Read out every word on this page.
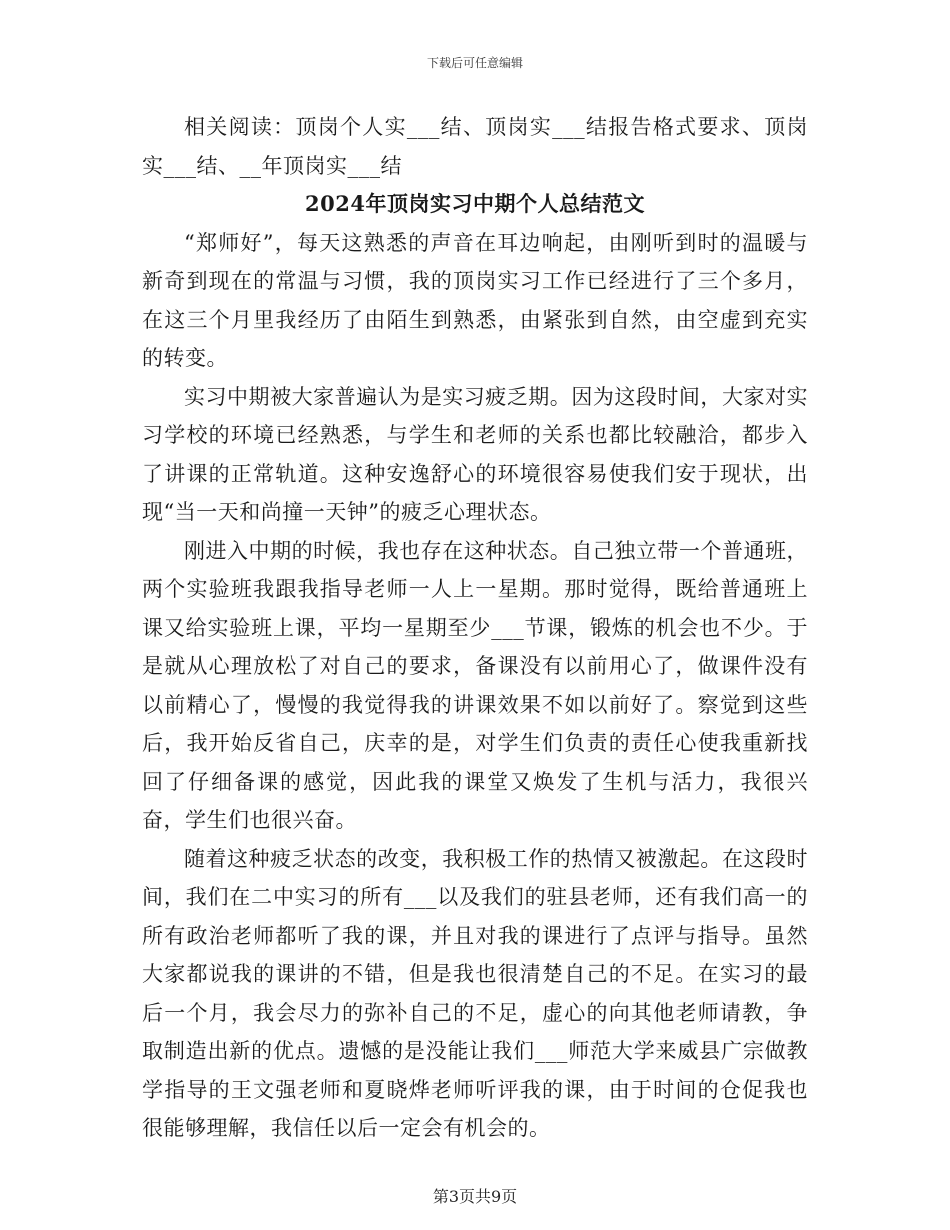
下载后可任意编辑

相关阅读：顶岗个人实___结、顶岗实___结报告格式要求、顶岗实___结、__年顶岗实___结

2024年顶岗实习中期个人总结范文

“郑师好”，每天这熟悉的声音在耳边响起，由刚听到时的温暖与新奇到现在的常温与习惯，我的顶岗实习工作已经进行了三个多月，在这三个月里我经历了由陌生到熟悉，由紧张到自然，由空虚到充实的转变。

实习中期被大家普遍认为是实习疲乏期。因为这段时间，大家对实习学校的环境已经熟悉，与学生和老师的关系也都比较融洽，都步入了讲课的正常轨道。这种安逸舒心的环境很容易使我们安于现状，出现“当一天和尚撞一天钟”的疲乏心理状态。

刚进入中期的时候，我也存在这种状态。自己独立带一个普通班，两个实验班我跟我指导老师一人上一星期。那时觉得，既给普通班上课又给实验班上课，平均一星期至少___节课，锻炼的机会也不少。于是就从心理放松了对自己的要求，备课没有以前用心了，做课件没有以前精心了，慢慢的我觉得我的讲课效果不如以前好了。察觉到这些后，我开始反省自己，庆幸的是，对学生们负责的责任心使我重新找回了仔细备课的感觉，因此我的课堂又焕发了生机与活力，我很兴奋，学生们也很兴奋。

随着这种疲乏状态的改变，我积极工作的热情又被激起。在这段时间，我们在二中实习的所有___以及我们的驻县老师，还有我们高一的所有政治老师都听了我的课，并且对我的课进行了点评与指导。虽然大家都说我的课讲的不错，但是我也很清楚自己的不足。在实习的最后一个月，我会尽力的弥补自己的不足，虚心的向其他老师请教，争取制造出新的优点。遗憾的是没能让我们___师范大学来威县广宗做教学指导的王文强老师和夏晓烨老师听评我的课，由于时间的仓促我也很能够理解，我信任以后一定会有机会的。

第3页共9页
